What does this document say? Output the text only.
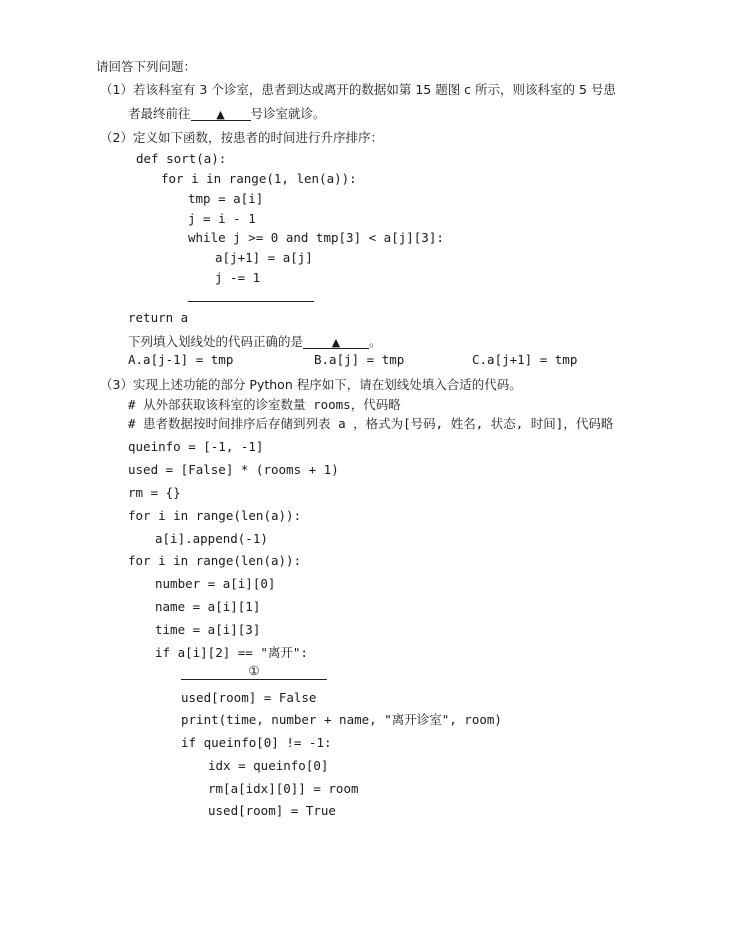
请回答下列问题：
（1）若该科室有 3 个诊室，患者到达或离开的数据如第 15 题图 c 所示，则该科室的 5 号患
者最终前往 ▲ 号诊室就诊。
（2）定义如下函数，按患者的时间进行升序排序：
def sort(a):
for i in range(1, len(a)):
tmp = a[i]
j = i - 1
while j >= 0 and tmp[3] < a[j][3]:
a[j+1] = a[j]
j -= 1
return a
下列填入划线处的代码正确的是	▲ 。
A.a[j-1] = tmp	B.a[j] = tmp	C.a[j+1] = tmp
（3）实现上述功能的部分 Python 程序如下，请在划线处填入合适的代码。
# 从外部获取该科室的诊室数量 rooms，代码略
# 患者数据按时间排序后存储到列表 a ，格式为[号码, 姓名, 状态, 时间]，代码略
queinfo = [-1, -1]
used = [False] * (rooms + 1)
rm = {}
for i in range(len(a)):
a[i].append(-1)
for i in range(len(a)):
number = a[i][0]
name = a[i][1]
time = a[i][3]
if a[i][2] == "离开":
①
used[room] = False
print(time, number + name, "离开诊室", room)
if queinfo[0] != -1:
idx = queinfo[0]
rm[a[idx][0]] = room
used[room] = True
